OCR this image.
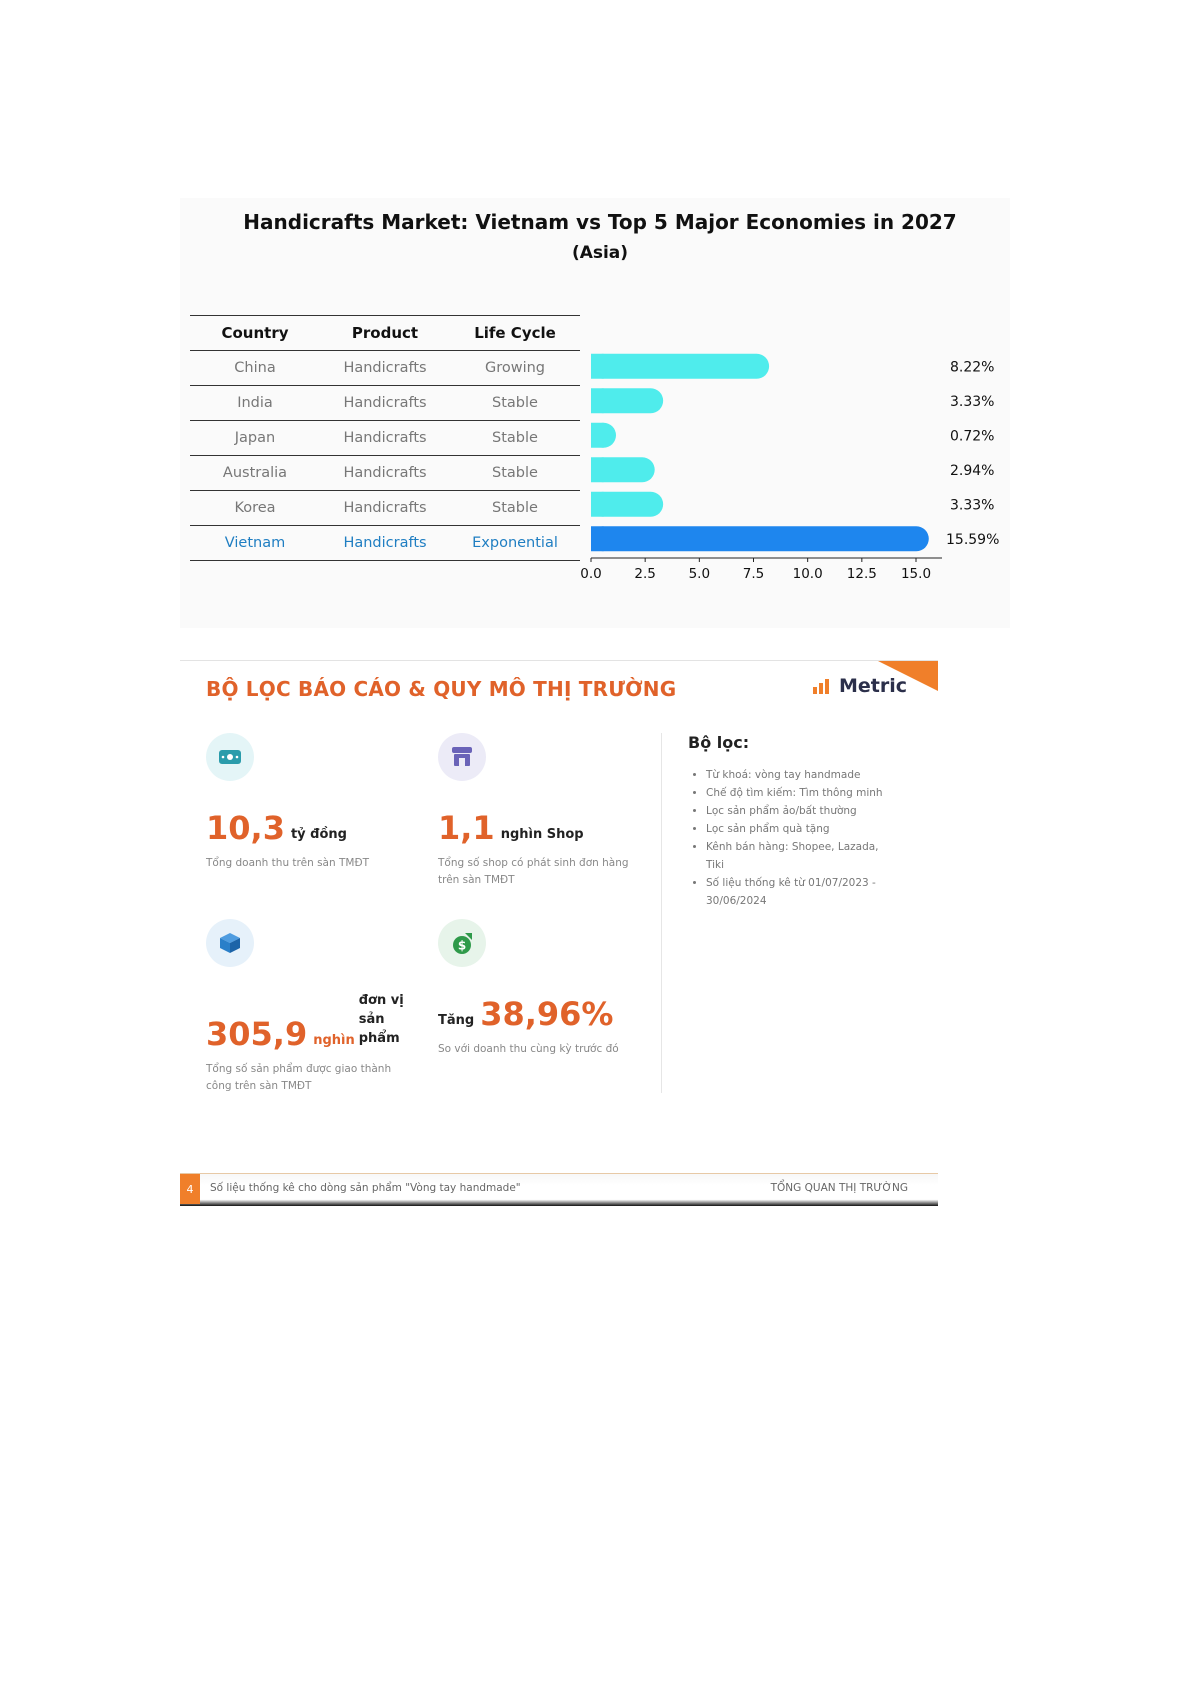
Handicrafts Market: Vietnam vs Top 5 Major Economies in 2027
(Asia)
Country	Product	Life Cycle
China	Handicrafts	Growing
India	Handicrafts	Stable
Japan	Handicrafts	Stable
Australia	Handicrafts	Stable
Korea	Handicrafts	Stable
Vietnam	Handicrafts	Exponential
8.22%
3.33%
0.72%
2.94%
3.33%
15.59%
0.0 2.5 5.0 7.5 10.0 12.5 15.0
BỘ LỌC BÁO CÁO & QUY MÔ THỊ TRƯỜNG	Metric
10,3 tỷ đồng
Tổng doanh thu trên sàn TMĐT
1,1 nghìn Shop
Tổng số shop có phát sinh đơn hàng trên sàn TMĐT
305,9 nghìn
đơn vị sản phẩm
Tổng số sản phẩm được giao thành công trên sàn TMĐT
$
Tăng 38,96%
So với doanh thu cùng kỳ trước đó
Bộ lọc:
• Từ khoá: vòng tay handmade
• Chế độ tìm kiếm: Tìm thông minh
• Lọc sản phẩm ảo/bất thường
• Lọc sản phẩm quà tặng
• Kênh bán hàng: Shopee, Lazada, Tiki
• Số liệu thống kê từ 01/07/2023 - 30/06/2024
4	Số liệu thống kê cho dòng sản phẩm "Vòng tay handmade"	TỔNG QUAN THỊ TRƯỜNG
